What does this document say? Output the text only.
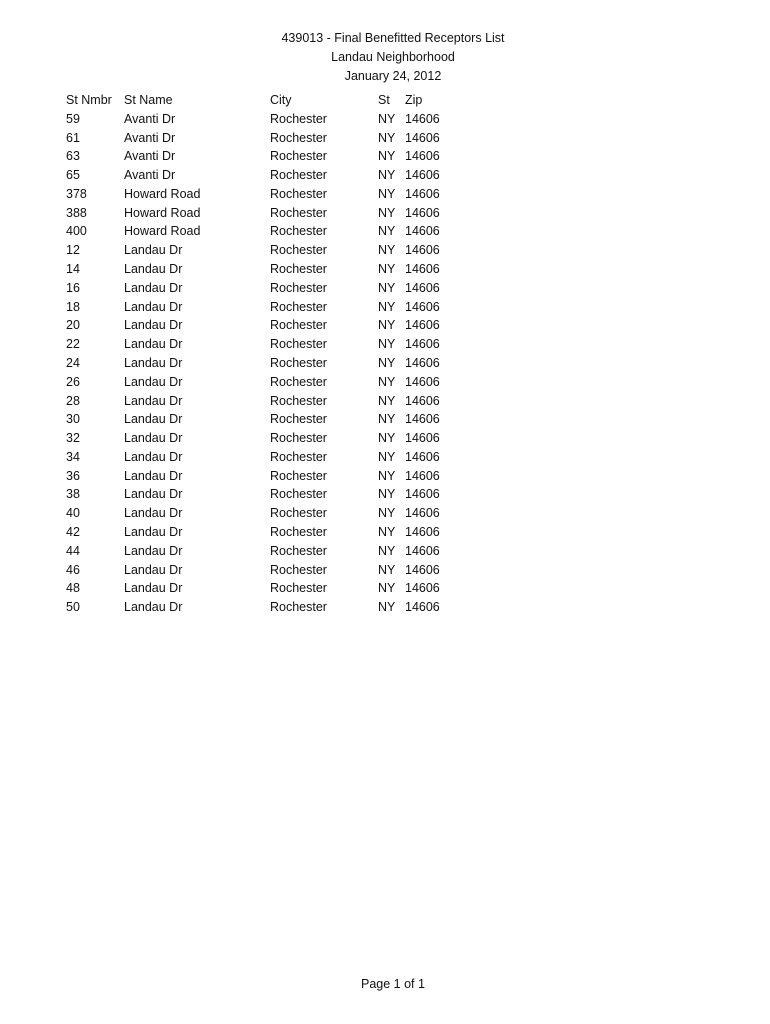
439013 - Final Benefitted Receptors List
Landau Neighborhood
January 24, 2012
St Nmbr	St Name	City	St	Zip
59	Avanti Dr	Rochester	NY	14606
61	Avanti Dr	Rochester	NY	14606
63	Avanti Dr	Rochester	NY	14606
65	Avanti Dr	Rochester	NY	14606
378	Howard Road	Rochester	NY	14606
388	Howard Road	Rochester	NY	14606
400	Howard Road	Rochester	NY	14606
12	Landau Dr	Rochester	NY	14606
14	Landau Dr	Rochester	NY	14606
16	Landau Dr	Rochester	NY	14606
18	Landau Dr	Rochester	NY	14606
20	Landau Dr	Rochester	NY	14606
22	Landau Dr	Rochester	NY	14606
24	Landau Dr	Rochester	NY	14606
26	Landau Dr	Rochester	NY	14606
28	Landau Dr	Rochester	NY	14606
30	Landau Dr	Rochester	NY	14606
32	Landau Dr	Rochester	NY	14606
34	Landau Dr	Rochester	NY	14606
36	Landau Dr	Rochester	NY	14606
38	Landau Dr	Rochester	NY	14606
40	Landau Dr	Rochester	NY	14606
42	Landau Dr	Rochester	NY	14606
44	Landau Dr	Rochester	NY	14606
46	Landau Dr	Rochester	NY	14606
48	Landau Dr	Rochester	NY	14606
50	Landau Dr	Rochester	NY	14606
Page 1 of 1
